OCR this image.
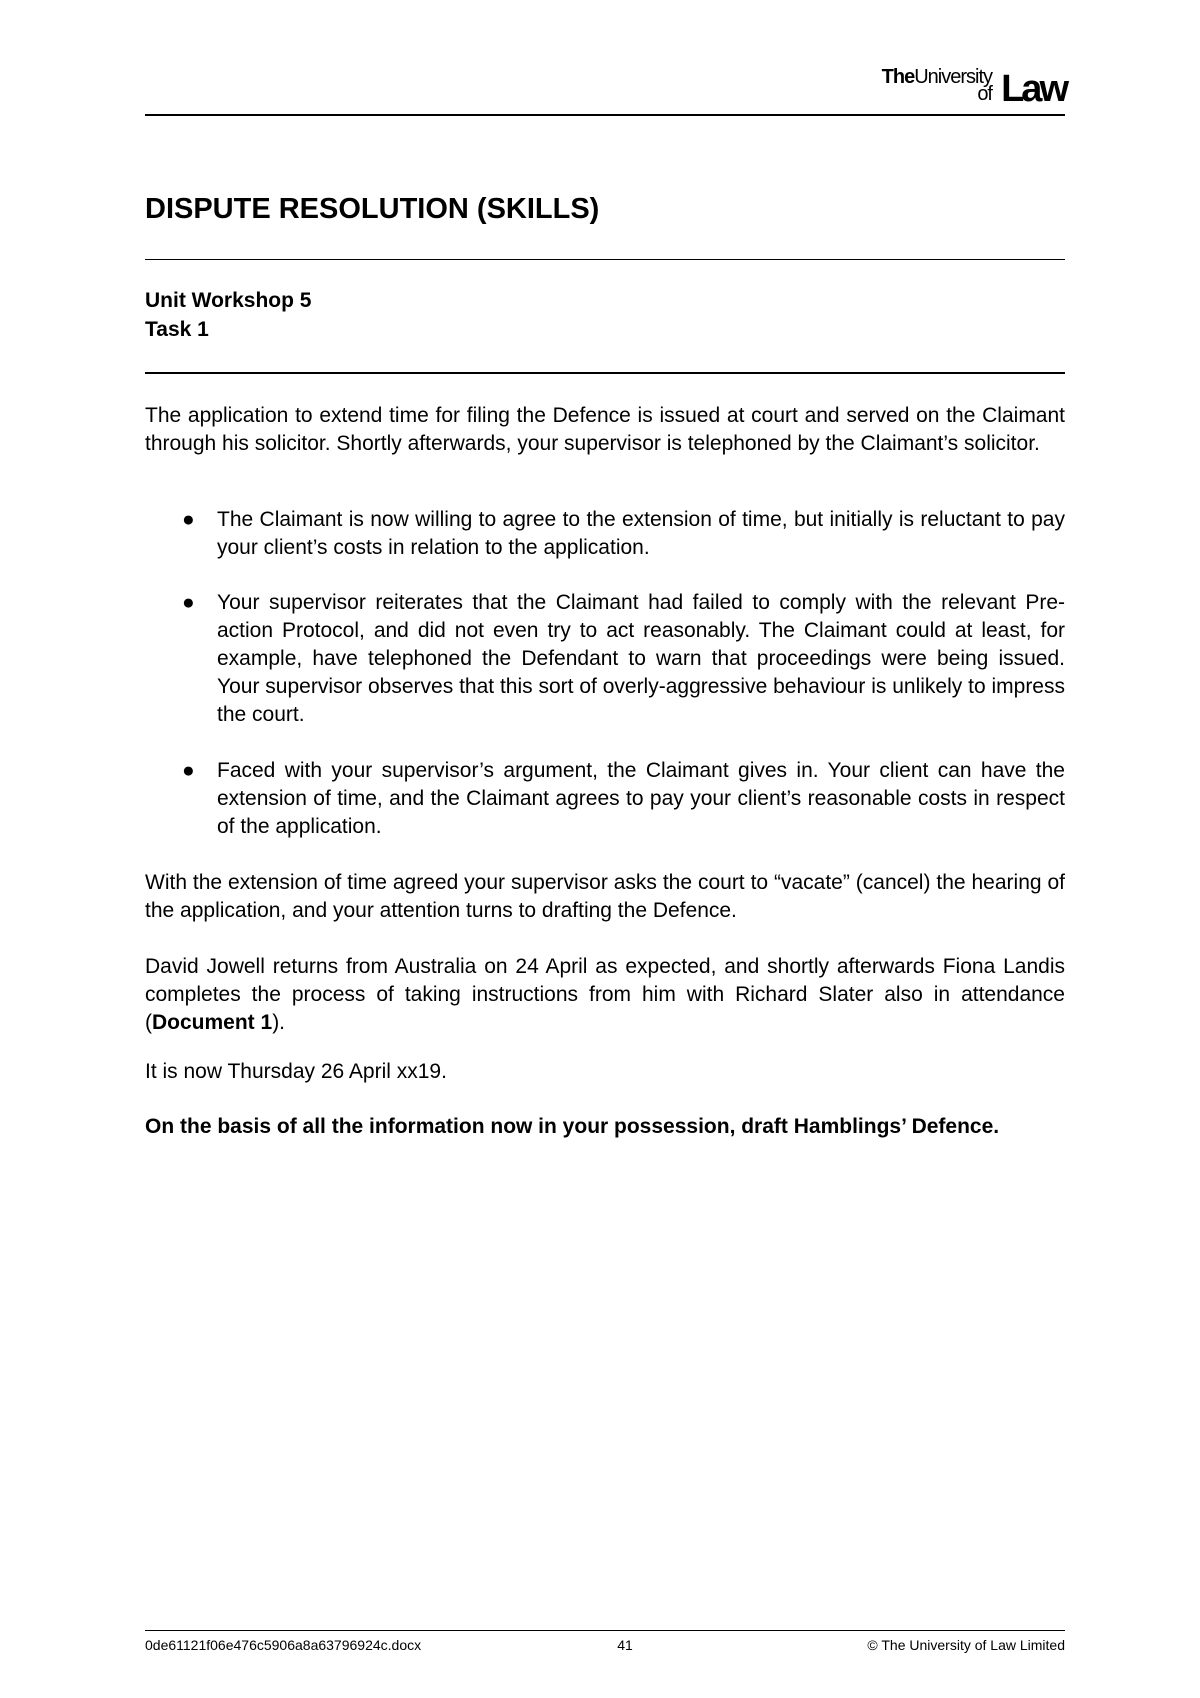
TheUniversity
of Law
DISPUTE RESOLUTION (SKILLS)
Unit Workshop 5
Task 1

The application to extend time for filing the Defence is issued at court and served on the Claimant through his solicitor. Shortly afterwards, your supervisor is telephoned by the Claimant’s solicitor.

● The Claimant is now willing to agree to the extension of time, but initially is reluctant to pay your client’s costs in relation to the application.
● Your supervisor reiterates that the Claimant had failed to comply with the relevant Pre-action Protocol, and did not even try to act reasonably. The Claimant could at least, for example, have telephoned the Defendant to warn that proceedings were being issued. Your supervisor observes that this sort of overly-aggressive behaviour is unlikely to impress the court.
● Faced with your supervisor’s argument, the Claimant gives in. Your client can have the extension of time, and the Claimant agrees to pay your client’s reasonable costs in respect of the application.

With the extension of time agreed your supervisor asks the court to “vacate” (cancel) the hearing of the application, and your attention turns to drafting the Defence.

David Jowell returns from Australia on 24 April as expected, and shortly afterwards Fiona Landis completes the process of taking instructions from him with Richard Slater also in attendance (Document 1).

It is now Thursday 26 April xx19.

On the basis of all the information now in your possession, draft Hamblings’ Defence.

0de61121f06e476c5906a8a63796924c.docx	41	© The University of Law Limited
